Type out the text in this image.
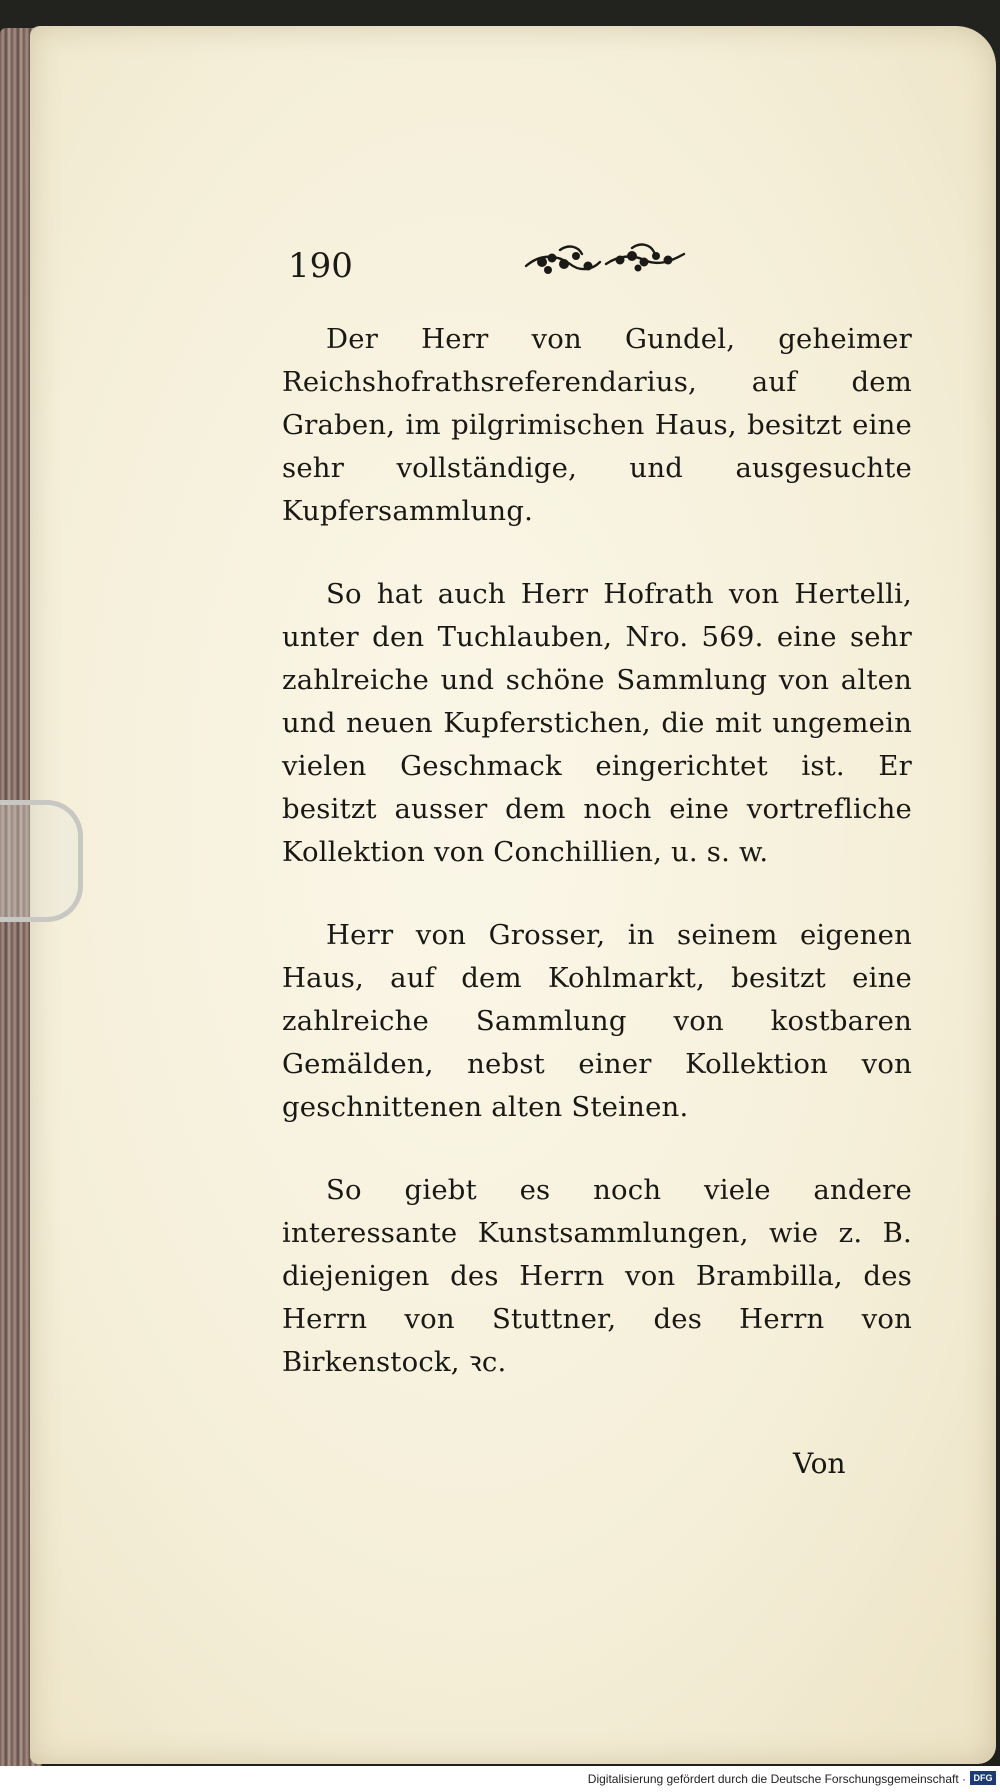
190

Der Herr von Gundel, geheimer Reichshofrathsreferendarius, auf dem Graben, im pilgrimischen Haus, besitzt eine sehr vollständige, und ausgesuchte Kupfersammlung.

So hat auch Herr Hofrath von Hertelli, unter den Tuchlauben, Nro. 569. eine sehr zahlreiche und schöne Sammlung von alten und neuen Kupferstichen, die mit ungemein vielen Geschmack eingerichtet ist. Er besitzt ausser dem noch eine vortrefliche Kollektion von Conchillien, u. s. w.

Herr von Grosser, in seinem eigenen Haus, auf dem Kohlmarkt, besitzt eine zahlreiche Sammlung von kostbaren Gemälden, nebst einer Kollektion von geschnittenen alten Steinen.

So giebt es noch viele andere interessante Kunstsammlungen, wie z. B. diejenigen des Herrn von Brambilla, des Herrn von Stuttner, des Herrn von Birkenstock, ꝛc.

Von
Digitalisierung gefördert durch die Deutsche Forschungsgemeinschaft · DFG
